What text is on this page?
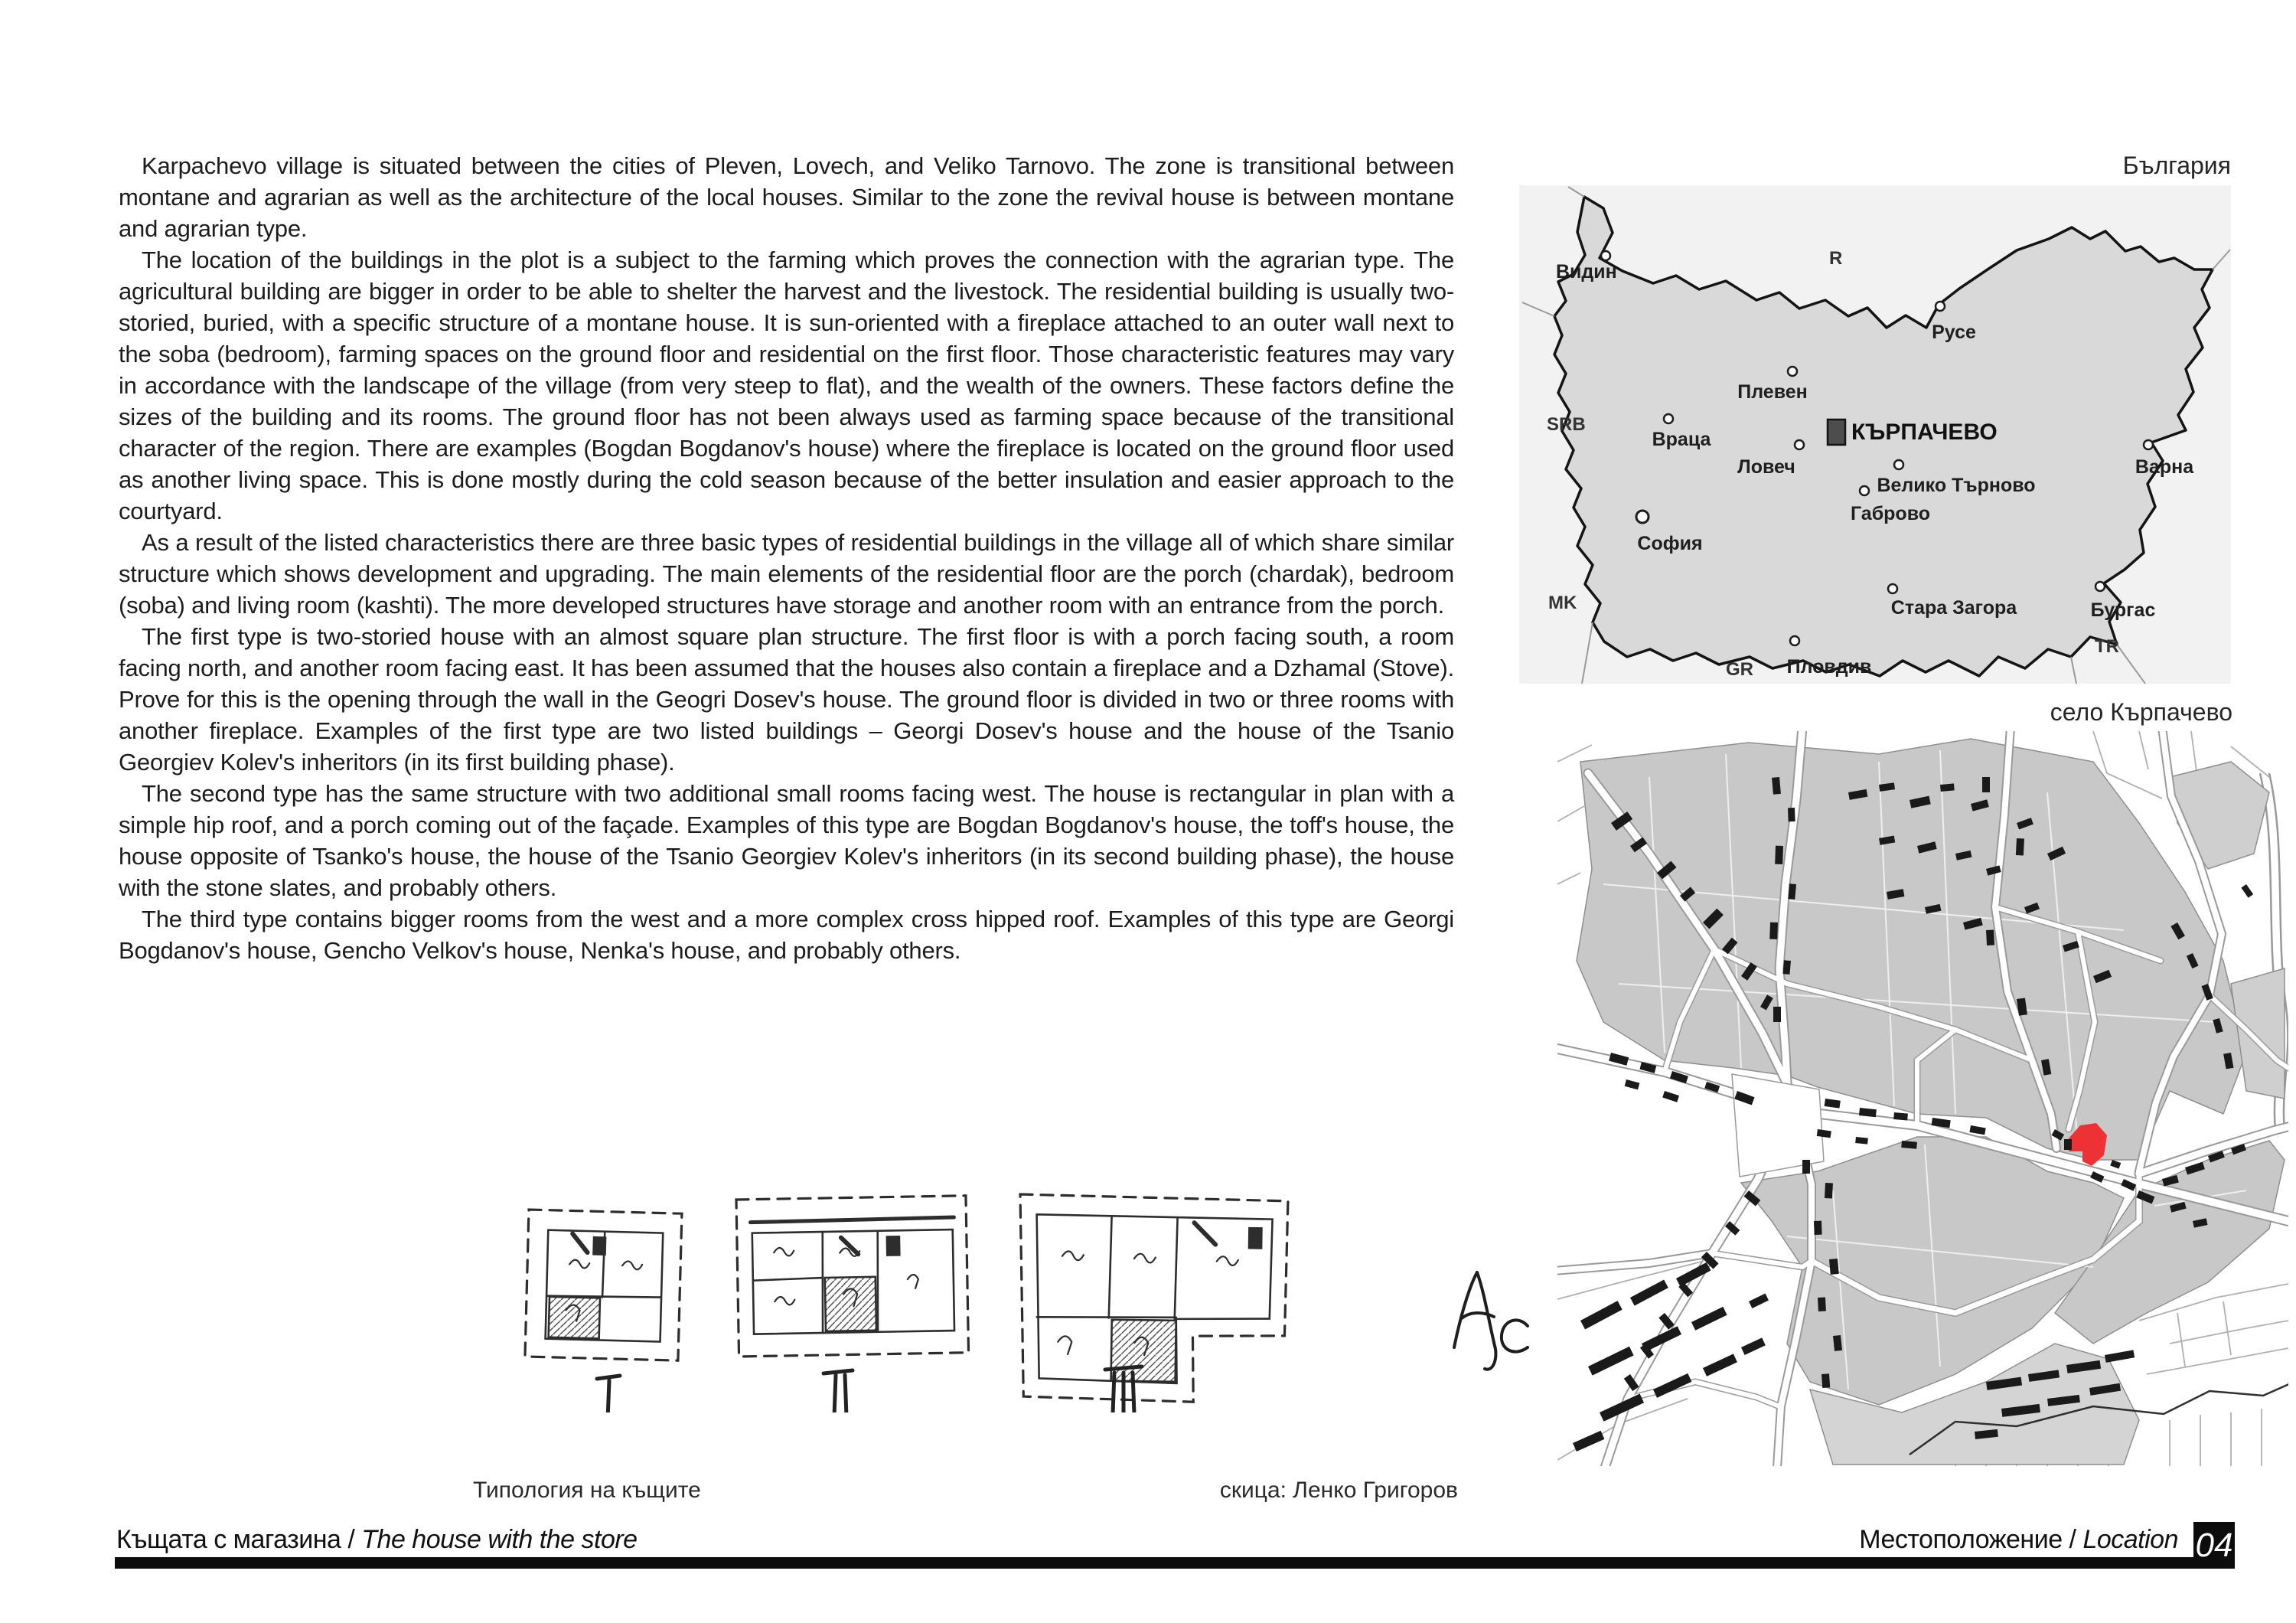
Karpachevo village is situated between the cities of Pleven, Lovech, and Veliko Tarnovo. The zone is transitional between montane and agrarian as well as the architecture of the local houses. Similar to the zone the revival house is between montane and agrarian type.

The location of the buildings in the plot is a subject to the farming which proves the connection with the agrarian type. The agricultural building are bigger in order to be able to shelter the harvest and the livestock. The residential building is usually two-storied, buried, with a specific structure of a montane house. It is sun-oriented with a fireplace attached to an outer wall next to the soba (bedroom), farming spaces on the ground floor and residential on the first floor. Those characteristic features may vary in accordance with the landscape of the village (from very steep to flat), and the wealth of the owners. These factors define the sizes of the building and its rooms. The ground floor has not been always used as farming space because of the transitional character of the region. There are examples (Bogdan Bogdanov's house) where the fireplace is located on the ground floor used as another living space. This is done mostly during the cold season because of the better insulation and easier approach to the courtyard.

As a result of the listed characteristics there are three basic types of residential buildings in the village all of which share similar structure which shows development and upgrading. The main elements of the residential floor are the porch (chardak), bedroom (soba) and living room (kashti). The more developed structures have storage and another room with an entrance from the porch.

The first type is two-storied house with an almost square plan structure. The first floor is with a porch facing south, a room facing north, and another room facing east. It has been assumed that the houses also contain a fireplace and a Dzhamal (Stove). Prove for this is the opening through the wall in the Geogri Dosev's house. The ground floor is divided in two or three rooms with another fireplace. Examples of the first type are two listed buildings – Georgi Dosev's house and the house of the Tsanio Georgiev Kolev's inheritors (in its first building phase).

The second type has the same structure with two additional small rooms facing west. The house is rectangular in plan with a simple hip roof, and a porch coming out of the façade. Examples of this type are Bogdan Bogdanov's house, the toff's house, the house opposite of Tsanko's house, the house of the Tsanio Georgiev Kolev's inheritors (in its second building phase), the house with the stone slates, and probably others.

The third type contains bigger rooms from the west and a more complex cross hipped roof. Examples of this type are Georgi Bogdanov's house, Gencho Velkov's house, Nenka's house, and probably others.

България
Видин
Русе
Плевен
Враца
Ловеч
Велико Търново
Габрово
Варна
София
Стара Загора	Бургас
Пловдив
КЪРПАЧЕВО
R
SRB
MK
GR
TR
село Кърпачево
Типология на къщите	скица: Ленко Григоров
Къщата с магазина / The house with the store	Местоположение / Location 04
